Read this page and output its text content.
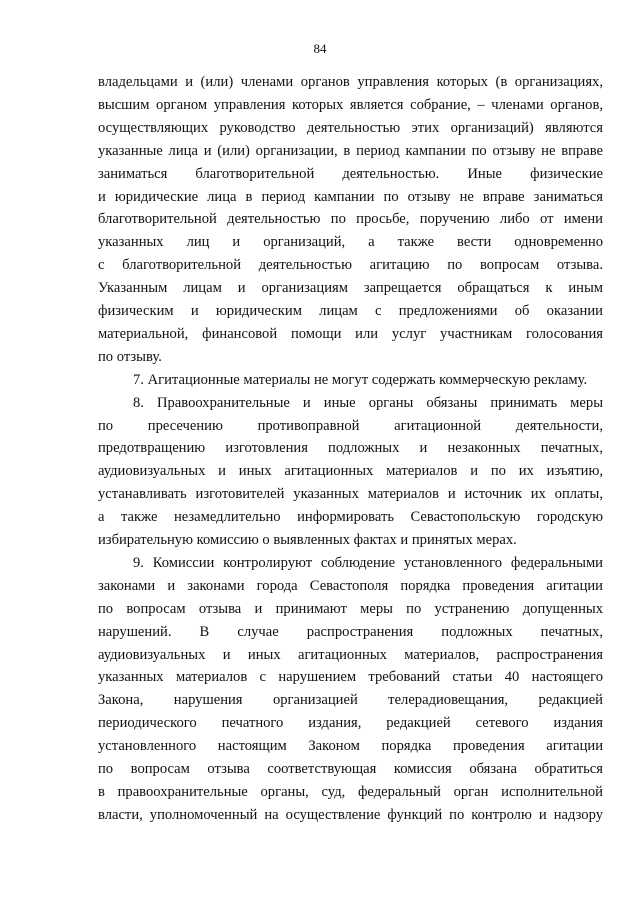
84
владельцами и (или) членами органов управления которых (в организациях,
высшим органом управления которых является собрание, – членами органов,
осуществляющих руководство деятельностью этих организаций) являются
указанные лица и (или) организации, в период кампании по отзыву не вправе
заниматься благотворительной деятельностью. Иные физические
и юридические лица в период кампании по отзыву не вправе заниматься
благотворительной деятельностью по просьбе, поручению либо от имени
указанных лиц и организаций, а также вести одновременно
с благотворительной деятельностью агитацию по вопросам отзыва.
Указанным лицам и организациям запрещается обращаться к иным
физическим и юридическим лицам с предложениями об оказании
материальной, финансовой помощи или услуг участникам голосования
по отзыву.
7. Агитационные материалы не могут содержать коммерческую рекламу.
8. Правоохранительные и иные органы обязаны принимать меры
по пресечению противоправной агитационной деятельности,
предотвращению изготовления подложных и незаконных печатных,
аудиовизуальных и иных агитационных материалов и по их изъятию,
устанавливать изготовителей указанных материалов и источник их оплаты,
а также незамедлительно информировать Севастопольскую городскую
избирательную комиссию о выявленных фактах и принятых мерах.
9. Комиссии контролируют соблюдение установленного федеральными
законами и законами города Севастополя порядка проведения агитации
по вопросам отзыва и принимают меры по устранению допущенных
нарушений. В случае распространения подложных печатных,
аудиовизуальных и иных агитационных материалов, распространения
указанных материалов с нарушением требований статьи 40 настоящего
Закона, нарушения организацией телерадиовещания, редакцией
периодического печатного издания, редакцией сетевого издания
установленного настоящим Законом порядка проведения агитации
по вопросам отзыва соответствующая комиссия обязана обратиться
в правоохранительные органы, суд, федеральный орган исполнительной
власти, уполномоченный на осуществление функций по контролю и надзору
